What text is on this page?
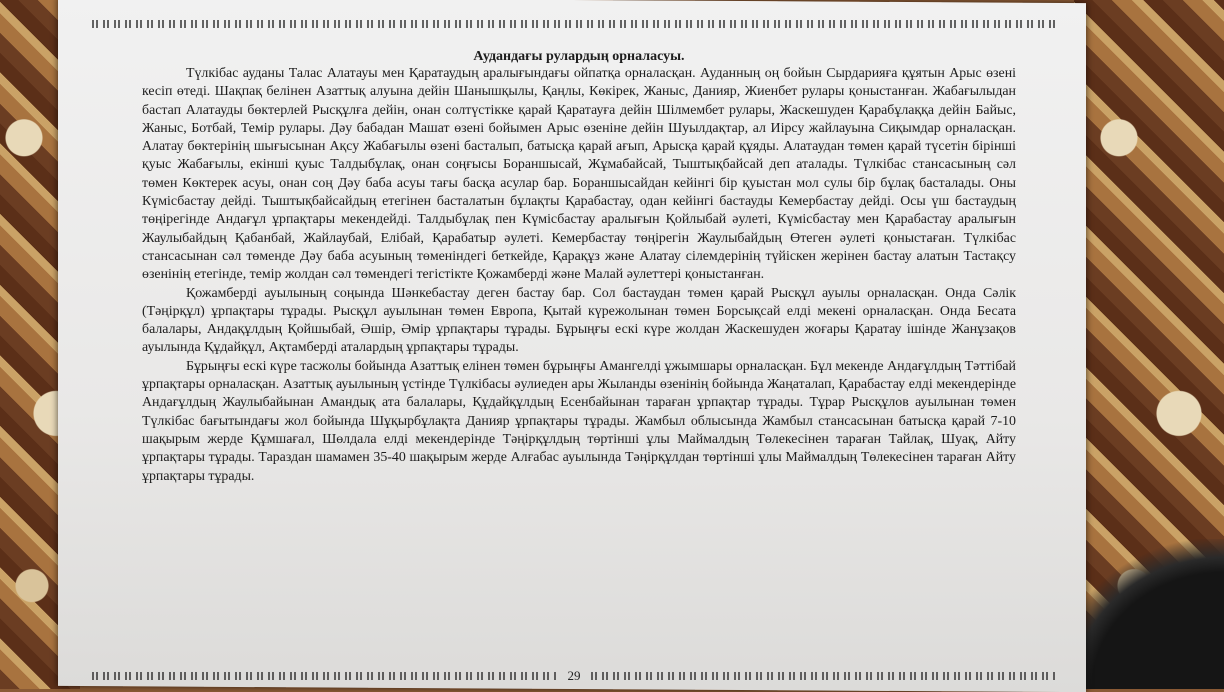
Аудандағы рулардың орналасуы.

Түлкібас ауданы Талас Алатауы мен Қаратаудың аралығындағы ойпатқа орналасқан. Ауданның оң бойын Сырдарияға құятын Арыс өзені кесіп өтеді. Шақпақ белінен Азаттық алуына дейін Шанышқылы, Қаңлы, Көкірек, Жаныс, Данияр, Жиенбет рулары қоныстанған. Жабағылыдан бастап Алатауды бөктерлей Рысқұлға дейін, онан солтүстікке қарай Қаратауға дейін Шілмембет рулары, Жаскешуден Қарабұлаққа дейін Байыс, Жаныс, Ботбай, Темір рулары. Дәу бабадан Машат өзені бойымен Арыс өзеніне дейін Шуылдақтар, ал Иірсу жайлауына Сиқымдар орналасқан. Алатау бөктерінің шығысынан Ақсу Жабағылы өзені басталып, батысқа қарай ағып, Арысқа қарай құяды. Алатаудан төмен қарай түсетін бірінші қуыс Жабағылы, екінші қуыс Талдыбұлақ, онан соңғысы Бораншысай, Жұмабайсай, Тыштықбайсай деп аталады. Түлкібас стансасының сәл төмен Көктерек асуы, онан соң Дәу баба асуы тағы басқа асулар бар. Бораншысайдан кейінгі бір қуыстан мол сулы бір бұлақ басталады. Оны Күмісбастау дейді. Тыштықбайсайдың етегінен басталатын бұлақты Қарабастау, одан кейінгі бастауды Кемербастау дейді. Осы үш бастаудың төңірегінде Андағұл ұрпақтары мекендейді. Талдыбұлақ пен Күмісбастау аралығын Қойлыбай әулеті, Күмісбастау мен Қарабастау аралығын Жаулыбайдың Қабанбай, Жайлаубай, Елібай, Қарабатыр әулеті. Кемербастау төңірегін Жаулыбайдың Өтеген әулеті қоныстаған. Түлкібас стансасынан сәл төменде Дәу баба асуының төменіндегі беткейде, Қарақұз және Алатау сілемдерінің түйіскен жерінен бастау алатын Тастақсу өзенінің етегінде, темір жолдан сәл төмендегі тегістікте Қожамберді және Малай әулеттері қоныстанған.

Қожамберді ауылының соңында Шәнкебастау деген бастау бар. Сол бастаудан төмен қарай Рысқұл ауылы орналасқан. Онда Сәлік (Тәңірқұл) ұрпақтары тұрады. Рысқұл ауылынан төмен Европа, Қытай күрежолынан төмен Борсықсай елді мекені орналасқан. Онда Бесата балалары, Андақұлдың Қойшыбай, Әшір, Әмір ұрпақтары тұрады. Бұрыңғы ескі күре жолдан Жаскешуден жоғары Қаратау ішінде Жанұзақов ауылында Құдайқұл, Ақтамберді аталардың ұрпақтары тұрады.

Бұрыңғы ескі күре тасжолы бойында Азаттық елінен төмен бұрыңғы Амангелді ұжымшары орналасқан. Бұл мекенде Андағұлдың Тәттібай ұрпақтары орналасқан. Азаттық ауылының үстінде Түлкібасы әулиеден ары Жыланды өзенінің бойында Жаңаталап, Қарабастау елді мекендерінде Андағұлдың Жаулыбайынан Амандық ата балалары, Құдайқұлдың Есенбайынан тараған ұрпақтар тұрады. Тұрар Рысқұлов ауылынан төмен Түлкібас бағытындағы жол бойында Шұқырбұлақта Данияр ұрпақтары тұрады. Жамбыл облысында Жамбыл стансасынан батысқа қарай 7-10 шақырым жерде Құмшағал, Шөлдала елді мекендерінде Тәңірқұлдың төртінші ұлы Маймалдың Төлекесінен тараған Тайлақ, Шуақ, Айту ұрпақтары тұрады. Тараздан шамамен 35-40 шақырым жерде Алғабас ауылында Тәңірқұлдан төртінші ұлы Маймалдың Төлекесінен тараған Айту ұрпақтары тұрады.

29
